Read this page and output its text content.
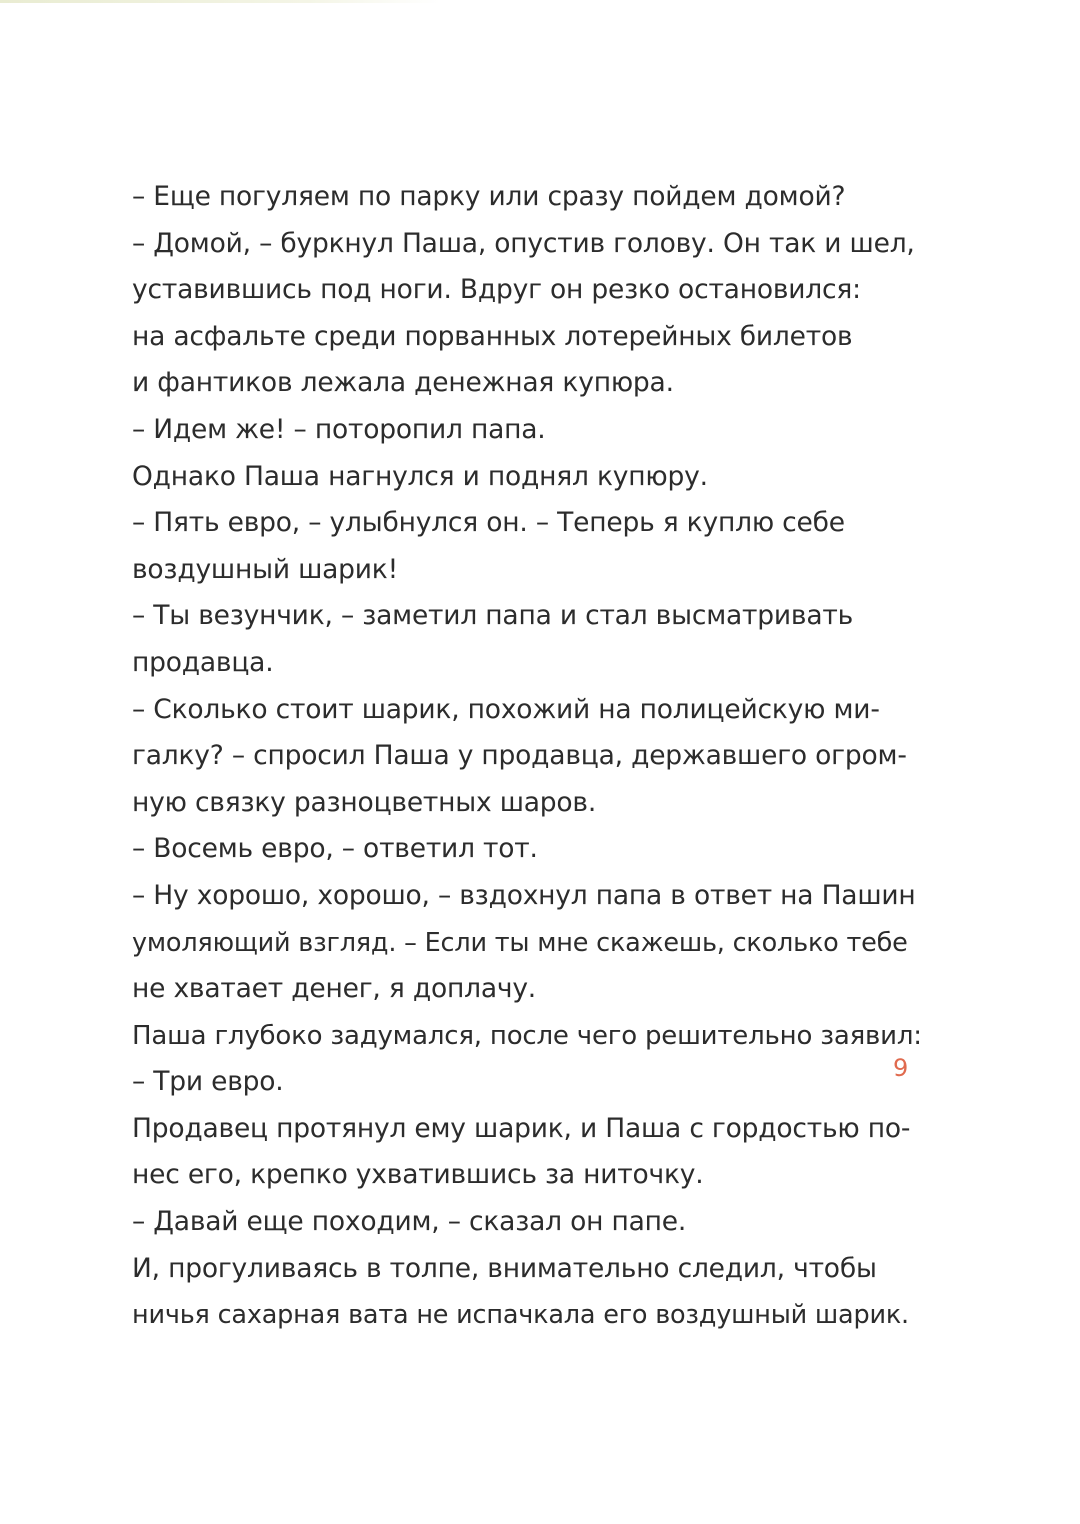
– Еще погуляем по парку или сразу пойдем домой?
– Домой, – буркнул Паша, опустив голову. Он так и шел,
уставившись под ноги. Вдруг он резко остановился:
на асфальте среди порванных лотерейных билетов
и фантиков лежала денежная купюра.
– Идем же! – поторопил папа.
Однако Паша нагнулся и поднял купюру.
– Пять евро, – улыбнулся он. – Теперь я куплю себе
воздушный шарик!
– Ты везунчик, – заметил папа и стал высматривать
продавца.
– Сколько стоит шарик, похожий на полицейскую ми-
галку? – спросил Паша у продавца, державшего огром-
ную связку разноцветных шаров.
– Восемь евро, – ответил тот.
– Ну хорошо, хорошо, – вздохнул папа в ответ на Пашин
умоляющий взгляд. – Если ты мне скажешь, сколько тебе
не хватает денег, я доплачу.
Паша глубоко задумался, после чего решительно заявил:
– Три евро.
Продавец протянул ему шарик, и Паша с гордостью по-
нес его, крепко ухватившись за ниточку.
– Давай еще походим, – сказал он папе.
И, прогуливаясь в толпе, внимательно следил, чтобы
ничья сахарная вата не испачкала его воздушный шарик.
9
